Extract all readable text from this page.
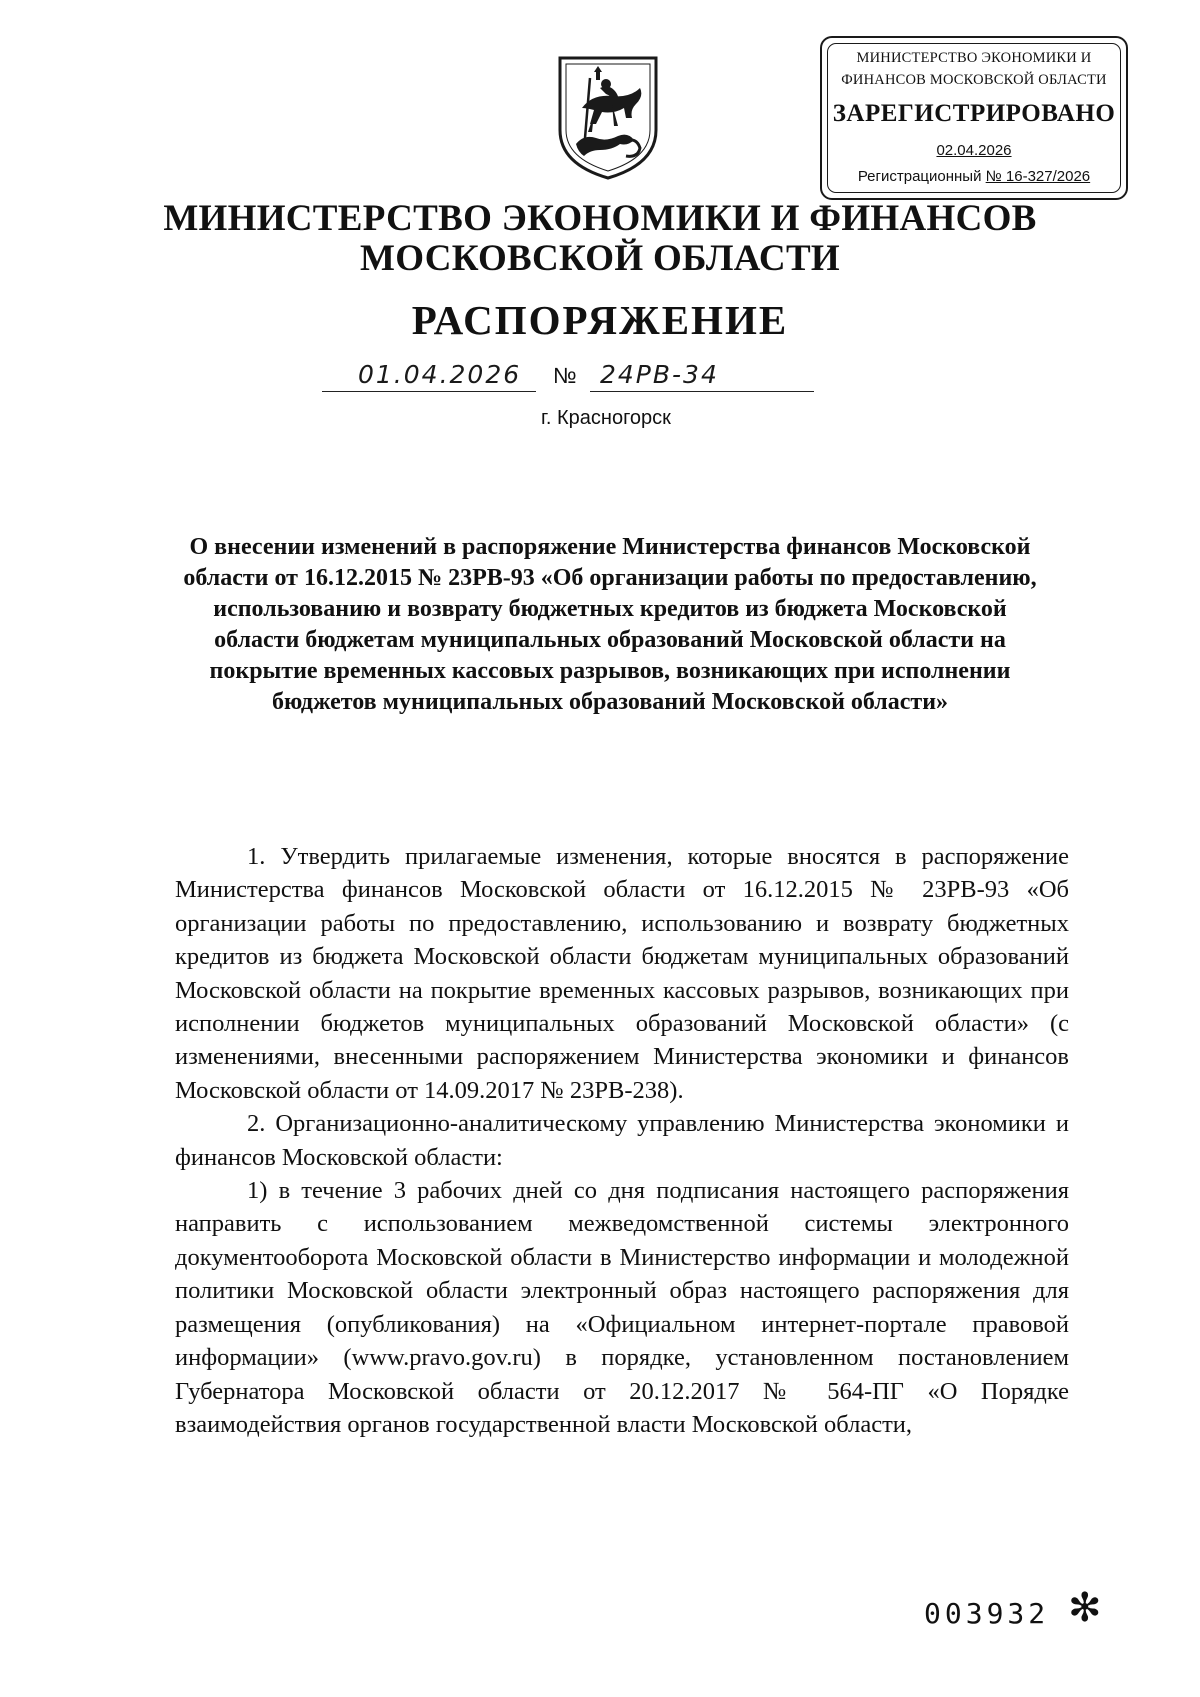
МИНИСТЕРСТВО ЭКОНОМИКИ И
ФИНАНСОВ МОСКОВСКОЙ ОБЛАСТИ
ЗАРЕГИСТРИРОВАНО
02.04.2026
Регистрационный № 16-327/2026
МИНИСТЕРСТВО ЭКОНОМИКИ И ФИНАНСОВ
МОСКОВСКОЙ ОБЛАСТИ
РАСПОРЯЖЕНИЕ
01.04.2026 № 24РВ-34
г. Красногорск
О внесении изменений в распоряжение Министерства финансов Московской области от 16.12.2015 № 23РВ-93 «Об организации работы по предоставлению, использованию и возврату бюджетных кредитов из бюджета Московской области бюджетам муниципальных образований Московской области на покрытие временных кассовых разрывов, возникающих при исполнении бюджетов муниципальных образований Московской области»

1. Утвердить прилагаемые изменения, которые вносятся в распоряжение Министерства финансов Московской области от 16.12.2015 № 23РВ-93 «Об организации работы по предоставлению, использованию и возврату бюджетных кредитов из бюджета Московской области бюджетам муниципальных образований Московской области на покрытие временных кассовых разрывов, возникающих при исполнении бюджетов муниципальных образований Московской области» (с изменениями, внесенными распоряжением Министерства экономики и финансов Московской области от 14.09.2017 № 23РВ-238).

2. Организационно-аналитическому управлению Министерства экономики и финансов Московской области:

1) в течение 3 рабочих дней со дня подписания настоящего распоряжения направить с использованием межведомственной системы электронного документооборота Московской области в Министерство информации и молодежной политики Московской области электронный образ настоящего распоряжения для размещения (опубликования) на «Официальном интернет-портале правовой информации» (www.pravo.gov.ru) в порядке, установленном постановлением Губернатора Московской области от 20.12.2017 № 564-ПГ «О Порядке взаимодействия органов государственной власти Московской области,

003932 ✻
